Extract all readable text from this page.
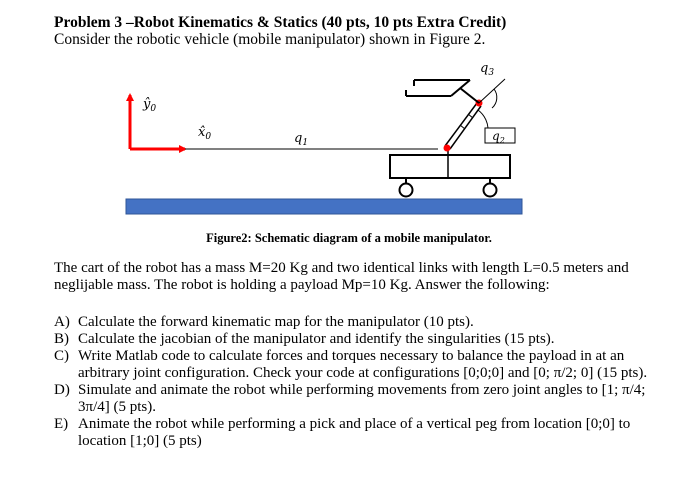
Problem 3 –Robot Kinematics & Statics (40 pts, 10 pts Extra Credit)
Consider the robotic vehicle (mobile manipulator) shown in Figure 2.
$ŷ_0$
$x̂_0$	$q_1$	$q_2$
$q_3$
Figure2: Schematic diagram of a mobile manipulator.
The cart of the robot has a mass M=20 Kg and two identical links with length L=0.5 meters and neglijable mass. The robot is holding a payload Mp=10 Kg. Answer the following:
A) Calculate the forward kinematic map for the manipulator (10 pts).
B) Calculate the jacobian of the manipulator and identify the singularities (15 pts).
C) Write Matlab code to calculate forces and torques necessary to balance the payload in at an arbitrary joint configuration. Check your code at configurations [0;0;0] and [0; π/2; 0] (15 pts).
D) Simulate and animate the robot while performing movements from zero joint angles to [1; π/4; 3π/4] (5 pts).
E) Animate the robot while performing a pick and place of a vertical peg from location [0;0] to location [1;0] (5 pts)
